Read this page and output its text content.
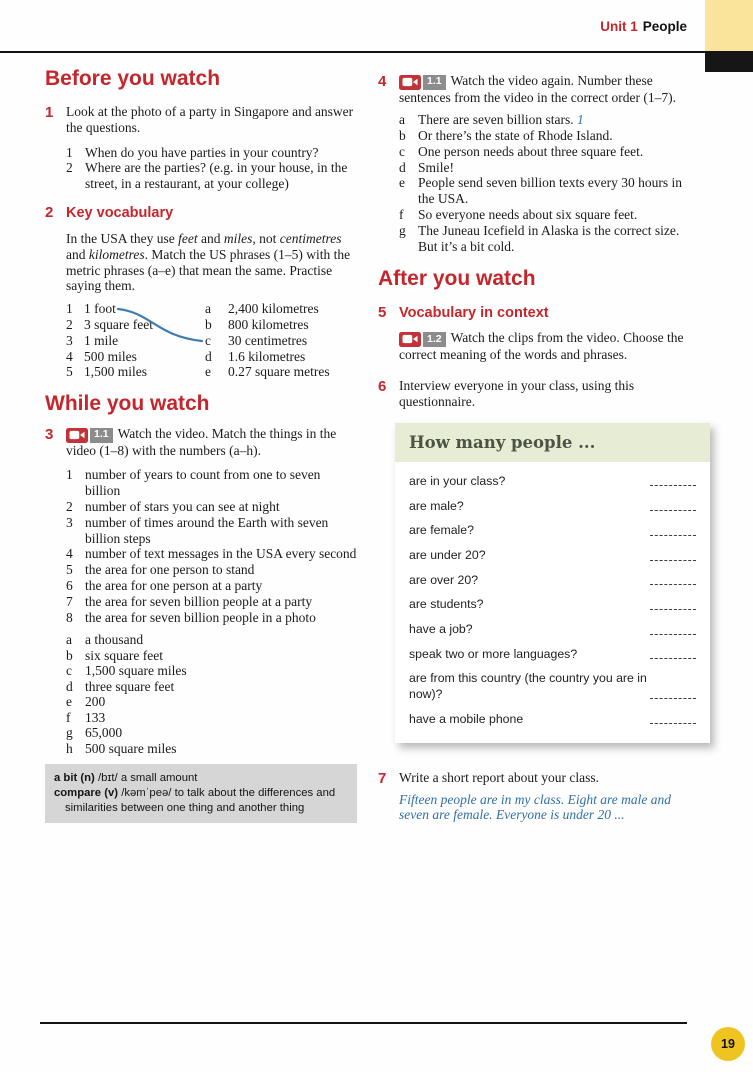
Unit 1 People
Before you watch
1 Look at the photo of a party in Singapore and answer the questions.

1 When do you have parties in your country?
2 Where are the parties? (e.g. in your house, in the street, in a restaurant, at your college)
2 Key vocabulary

In the USA they use feet and miles, not centimetres and kilometres. Match the US phrases (1–5) with the metric phrases (a–e) that mean the same. Practise saying them.

1 1 foot	a	2,400 kilometres
2 3 square feet	b	800 kilometres
3 1 mile	c	30 centimetres
4 500 miles	d	1.6 kilometres
5 1,500 miles	e	0.27 square metres
While you watch
3	1.1 Watch the video. Match the things in the video (1–8) with the numbers (a–h).

1 number of years to count from one to seven billion
2 number of stars you can see at night
3 number of times around the Earth with seven billion steps
4 number of text messages in the USA every second
5 the area for one person to stand
6 the area for one person at a party
7 the area for seven billion people at a party
8 the area for seven billion people in a photo
a a thousand
b six square feet
c 1,500 square miles
d three square feet
e 200
f	133
g 65,000
h 500 square miles

a bit (n) /bɪt/ a small amount

compare (v) /kəmˈpeə/ to talk about the differences and similarities between one thing and another thing

4	1.1 Watch the video again. Number these sentences from the video in the correct order (1–7).

a There are seven billion stars. 1
b Or there’s the state of Rhode Island.
c One person needs about three square feet.
d Smile!
e People send seven billion texts every 30 hours in the USA.
f	So everyone needs about six square feet.
g The Juneau Icefield in Alaska is the correct size. But it’s a bit cold.
After you watch
5 Vocabulary in context

1.2 Watch the clips from the video. Choose the correct meaning of the words and phrases.

6 Interview everyone in your class, using this questionnaire.

How many people ...
are in your class?
are male?
are female?
are under 20?
are over 20?
are students?
have a job?
speak two or more languages?
are from this country (the country you are in now)?
have a mobile phone
7 Write a short report about your class.

Fifteen people are in my class. Eight are male and seven are female. Everyone is under 20 ...

19
